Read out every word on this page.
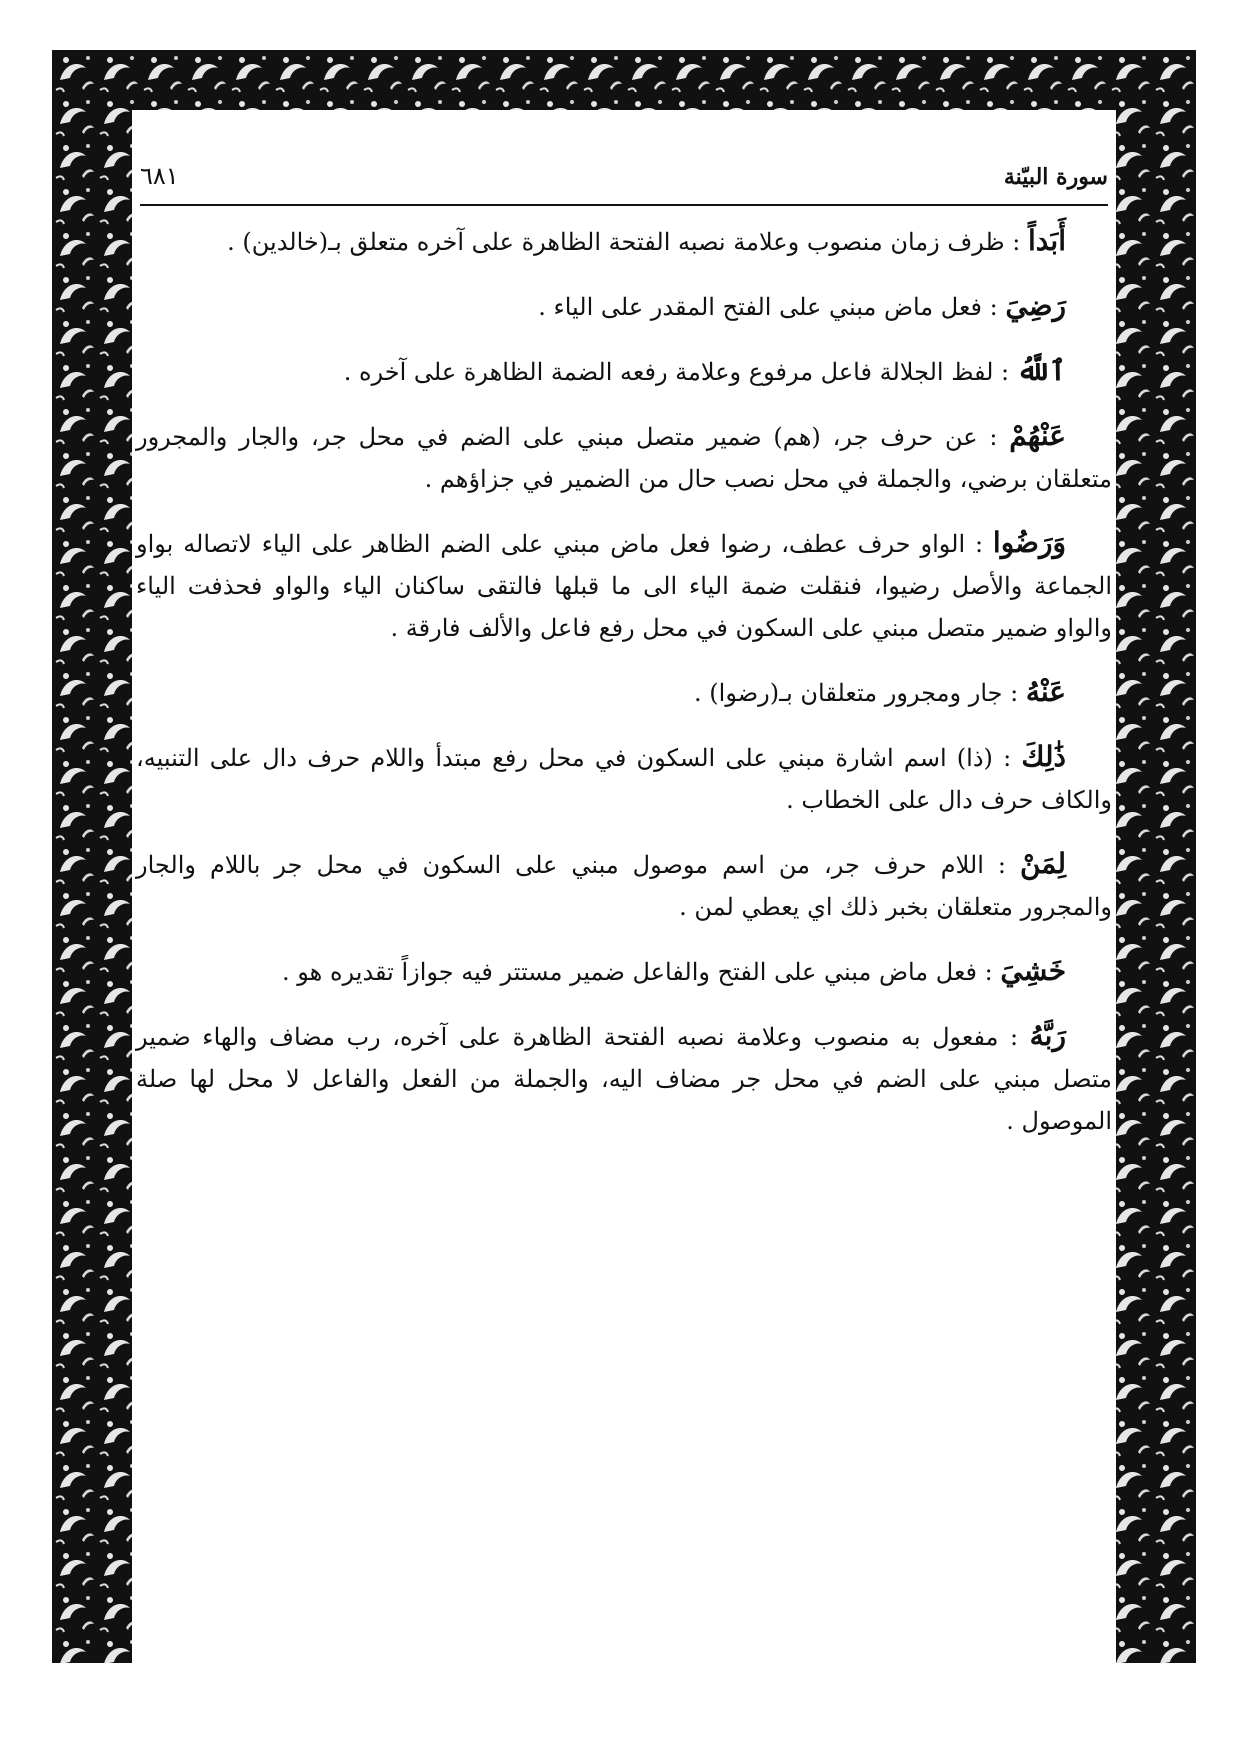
سورة البيّنة
٦٨١

أَبَداً : ظرف زمان منصوب وعلامة نصبه الفتحة الظاهرة على آخره متعلق بـ(خالدين) .

رَضِيَ : فعل ماض مبني على الفتح المقدر على الياء .

ٱللَّهُ : لفظ الجلالة فاعل مرفوع وعلامة رفعه الضمة الظاهرة على آخره .

عَنْهُمْ : عن حرف جر، (هم) ضمير متصل مبني على الضم في محل جر، والجار والمجرور متعلقان برضي، والجملة في محل نصب حال من الضمير في جزاؤهم .

وَرَضُوا : الواو حرف عطف، رضوا فعل ماض مبني على الضم الظاهر على الياء لاتصاله بواو الجماعة والأصل رضيوا، فنقلت ضمة الياء الى ما قبلها فالتقى ساكنان الياء والواو فحذفت الياء والواو ضمير متصل مبني على السكون في محل رفع فاعل والألف فارقة .

عَنْهُ : جار ومجرور متعلقان بـ(رضوا) .

ذَٰلِكَ : (ذا) اسم اشارة مبني على السكون في محل رفع مبتدأ واللام حرف دال على التنبيه، والكاف حرف دال على الخطاب .

لِمَنْ : اللام حرف جر، من اسم موصول مبني على السكون في محل جر باللام والجار والمجرور متعلقان بخبر ذلك اي يعطي لمن .

خَشِيَ : فعل ماض مبني على الفتح والفاعل ضمير مستتر فيه جوازاً تقديره هو .

رَبَّهُ : مفعول به منصوب وعلامة نصبه الفتحة الظاهرة على آخره، رب مضاف والهاء ضمير متصل مبني على الضم في محل جر مضاف اليه، والجملة من الفعل والفاعل لا محل لها صلة الموصول .
